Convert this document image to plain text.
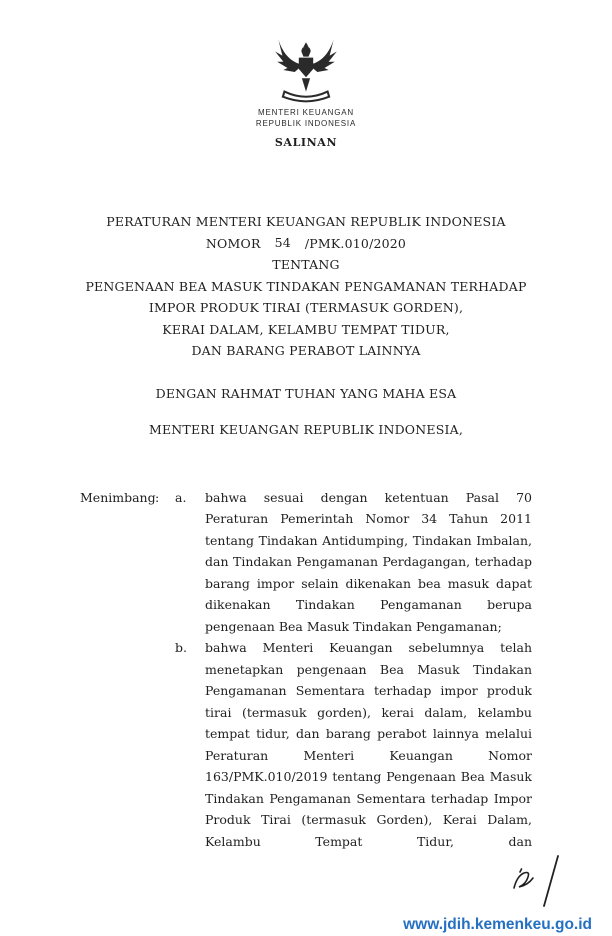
MENTERI KEUANGAN
REPUBLIK INDONESIA
SALINAN
PERATURAN MENTERI KEUANGAN REPUBLIK INDONESIA
NOMOR 54 /PMK.010/2020
TENTANG
PENGENAAN BEA MASUK TINDAKAN PENGAMANAN TERHADAP
IMPOR PRODUK TIRAI (TERMASUK GORDEN),
KERAI DALAM, KELAMBU TEMPAT TIDUR,
DAN BARANG PERABOT LAINNYA
DENGAN RAHMAT TUHAN YANG MAHA ESA
MENTERI KEUANGAN REPUBLIK INDONESIA,
Menimbang :	a.	bahwa sesuai dengan ketentuan Pasal 70 Peraturan Pemerintah Nomor 34 Tahun 2011 tentang Tindakan Antidumping, Tindakan Imbalan, dan Tindakan Pengamanan Perdagangan, terhadap barang impor selain dikenakan bea masuk dapat dikenakan Tindakan Pengamanan berupa pengenaan Bea Masuk Tindakan Pengamanan;
b.	bahwa Menteri Keuangan sebelumnya telah menetapkan pengenaan Bea Masuk Tindakan Pengamanan Sementara terhadap impor produk tirai (termasuk gorden), kerai dalam, kelambu tempat tidur, dan barang perabot lainnya melalui Peraturan Menteri Keuangan Nomor 163/PMK.010/2019 tentang Pengenaan Bea Masuk Tindakan Pengamanan Sementara terhadap Impor Produk Tirai (termasuk Gorden), Kerai Dalam, Kelambu Tempat Tidur, dan
www.jdih.kemenkeu.go.id
